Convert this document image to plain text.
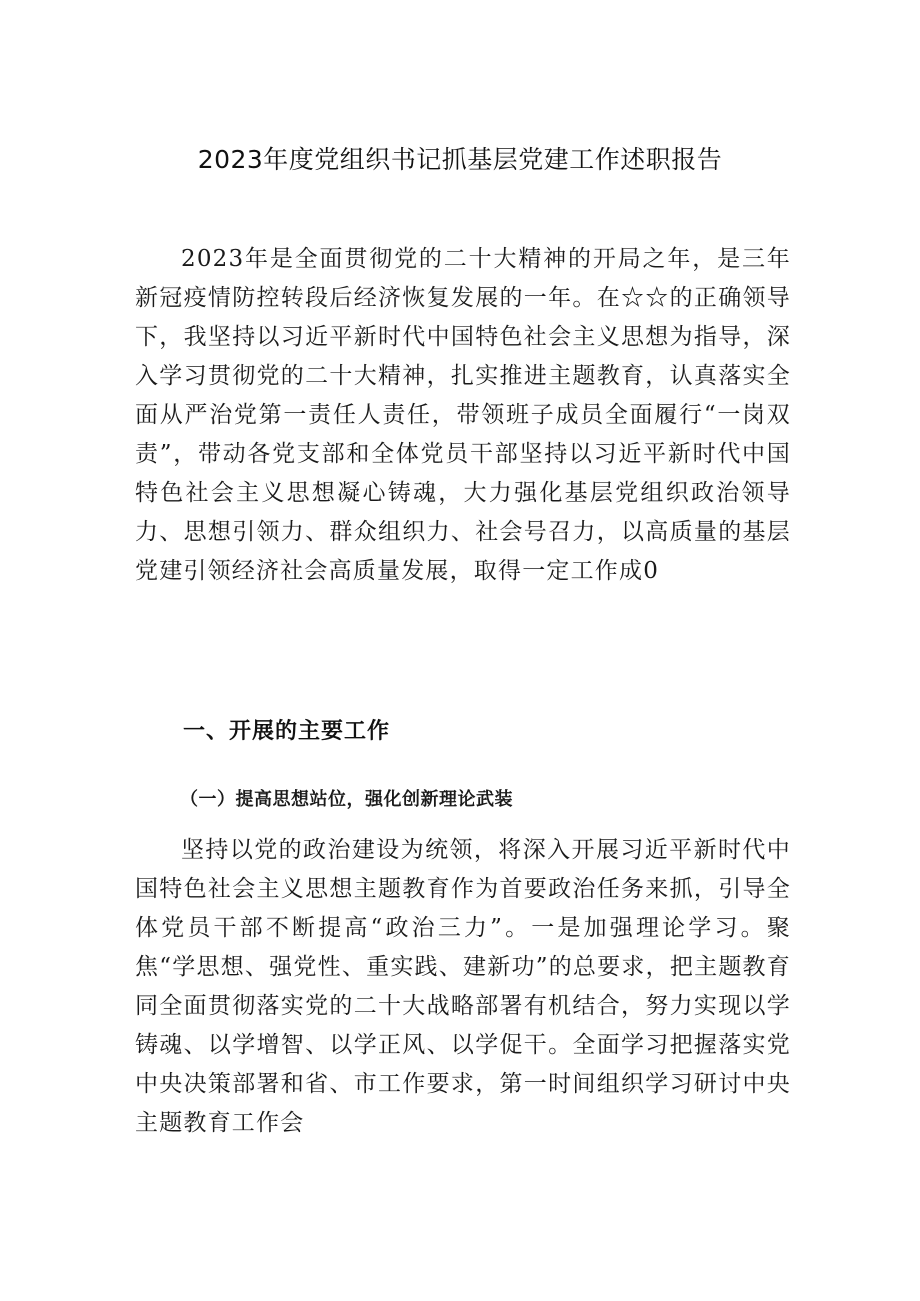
2023年度党组织书记抓基层党建工作述职报告

2023年是全面贯彻党的二十大精神的开局之年，是三年新冠疫情防控转段后经济恢复发展的一年。在☆☆的正确领导下，我坚持以习近平新时代中国特色社会主义思想为指导，深入学习贯彻党的二十大精神，扎实推进主题教育，认真落实全面从严治党第一责任人责任，带领班子成员全面履行“一岗双责”，带动各党支部和全体党员干部坚持以习近平新时代中国特色社会主义思想凝心铸魂，大力强化基层党组织政治领导力、思想引领力、群众组织力、社会号召力，以高质量的基层党建引领经济社会高质量发展，取得一定工作成0

一、开展的主要工作
（一）提高思想站位，强化创新理论武装

坚持以党的政治建设为统领，将深入开展习近平新时代中国特色社会主义思想主题教育作为首要政治任务来抓，引导全体党员干部不断提高“政治三力”。一是加强理论学习。聚焦“学思想、强党性、重实践、建新功”的总要求，把主题教育同全面贯彻落实党的二十大战略部署有机结合，努力实现以学铸魂、以学增智、以学正风、以学促干。全面学习把握落实党中央决策部署和省、市工作要求，第一时间组织学习研讨中央主题教育工作会
